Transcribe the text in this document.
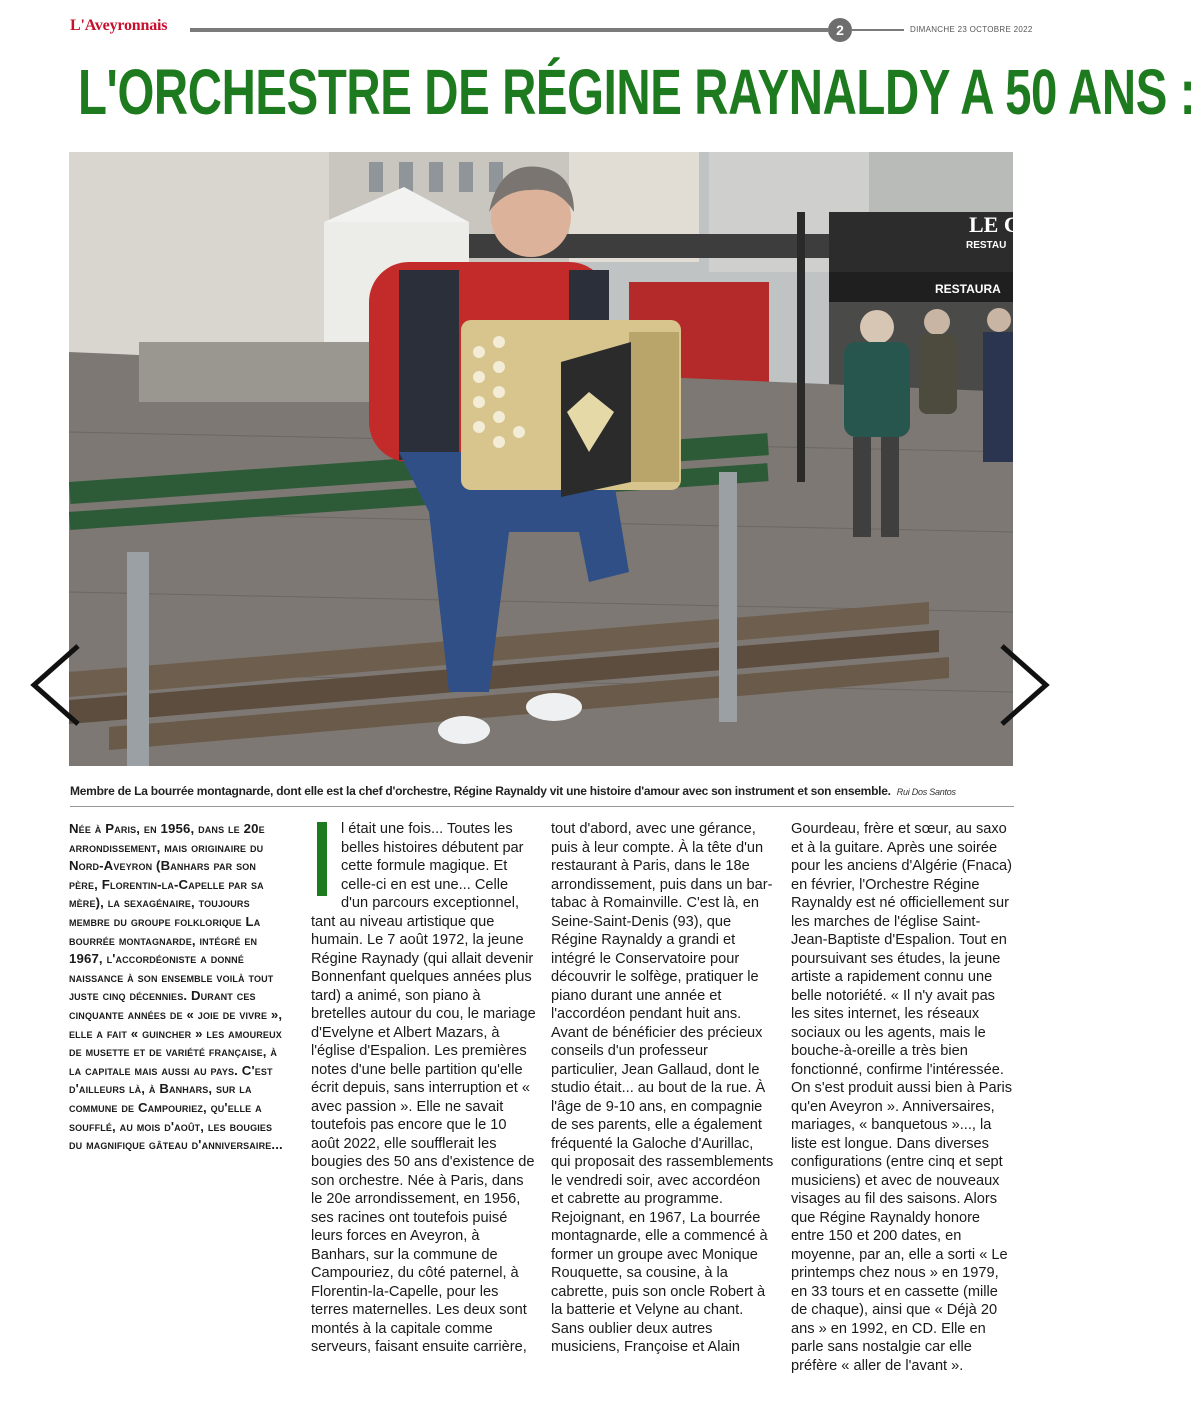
L'Aveyronnais	2	DIMANCHE 23 OCTOBRE 2022
L'ORCHESTRE DE RÉGINE RAYNALDY A 50 ANS :
LE C
RESTAU
RESTAURA
Membre de La bourrée montagnarde, dont elle est la chef d'orchestre, Régine Raynaldy vit une histoire d'amour avec son instrument et son ensemble. Rui Dos Santos

Née à Paris, en 1956, dans le 20e arrondissement, mais originaire du Nord-Aveyron (Banhars par son père, Florentin-la-Capelle par sa mère), la sexagénaire, toujours membre du groupe folklorique La bourrée montagnarde, intégré en 1967, l'accordéoniste a donné naissance à son ensemble voilà tout juste cinq décennies. Durant ces cinquante années de « joie de vivre », elle a fait « guincher » les amoureux de musette et de variété française, à la capitale mais aussi au pays. C'est d'ailleurs là, à Banhars, sur la commune de Campouriez, qu'elle a soufflé, au mois d'août, les bougies du magnifique gâteau d'anniversaire...

l était une fois... Toutes les belles histoires débutent par cette formule magique. Et celle-ci en est une... Celle d'un parcours exceptionnel, tant au niveau artistique que humain. Le 7 août 1972, la jeune Régine Raynady (qui allait devenir Bonnenfant quelques années plus tard) a animé, son piano à bretelles autour du cou, le mariage d'Evelyne et Albert Mazars, à l'église d'Espalion. Les premières notes d'une belle partition qu'elle écrit depuis, sans interruption et « avec passion ». Elle ne savait toutefois pas encore que le 10 août 2022, elle soufflerait les bougies des 50 ans d'existence de son orchestre. Née à Paris, dans le 20e arrondissement, en 1956, ses racines ont toutefois puisé leurs forces en Aveyron, à Banhars, sur la commune de Campouriez, du côté paternel, à Florentin-la-Capelle, pour les terres maternelles. Les deux sont montés à la capitale comme serveurs, faisant ensuite carrière,

tout d'abord, avec une gérance, puis à leur compte. À la tête d'un restaurant à Paris, dans le 18e arrondissement, puis dans un bar-tabac à Romainville. C'est là, en Seine-Saint-Denis (93), que Régine Raynaldy a grandi et intégré le Conservatoire pour découvrir le solfège, pratiquer le piano durant une année et l'accordéon pendant huit ans. Avant de bénéficier des précieux conseils d'un professeur particulier, Jean Gallaud, dont le studio était... au bout de la rue. À l'âge de 9-10 ans, en compagnie de ses parents, elle a également fréquenté la Galoche d'Aurillac, qui proposait des rassemblements le vendredi soir, avec accordéon et cabrette au programme. Rejoignant, en 1967, La bourrée montagnarde, elle a commencé à former un groupe avec Monique Rouquette, sa cousine, à la cabrette, puis son oncle Robert à la batterie et Velyne au chant. Sans oublier deux autres musiciens, Françoise et Alain

Gourdeau, frère et sœur, au saxo et à la guitare. Après une soirée pour les anciens d'Algérie (Fnaca) en février, l'Orchestre Régine Raynaldy est né officiellement sur les marches de l'église Saint-Jean-Baptiste d'Espalion. Tout en poursuivant ses études, la jeune artiste a rapidement connu une belle notoriété. « Il n'y avait pas les sites internet, les réseaux sociaux ou les agents, mais le bouche-à-oreille a très bien fonctionné, confirme l'intéressée. On s'est produit aussi bien à Paris qu'en Aveyron ». Anniversaires, mariages, « banquetous »..., la liste est longue. Dans diverses configurations (entre cinq et sept musiciens) et avec de nouveaux visages au fil des saisons. Alors que Régine Raynaldy honore entre 150 et 200 dates, en moyenne, par an, elle a sorti « Le printemps chez nous » en 1979, en 33 tours et en cassette (mille de chaque), ainsi que « Déjà 20 ans » en 1992, en CD. Elle en parle sans nostalgie car elle préfère « aller de l'avant ».
